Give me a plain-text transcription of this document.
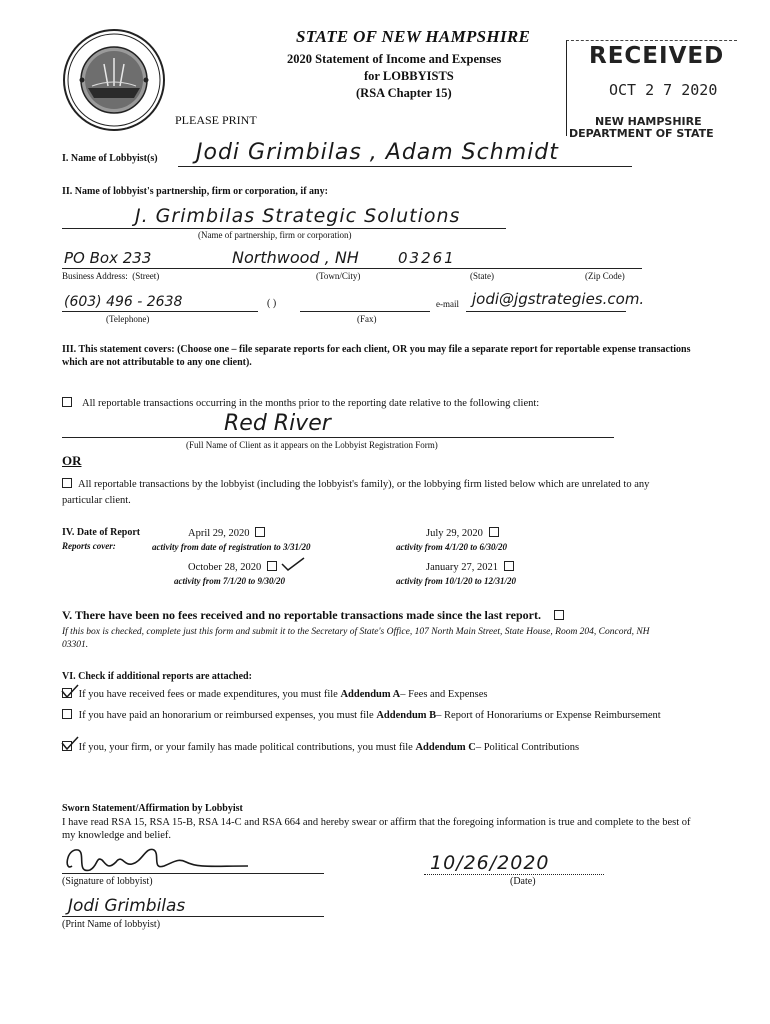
STATE OF NEW HAMPSHIRE
2020 Statement of Income and Expenses
for LOBBYISTS
(RSA Chapter 15)
PLEASE PRINT
RECEIVED
OCT 2 7 2020
NEW HAMPSHIRE
DEPARTMENT OF STATE
I. Name of Lobbyist(s) Jodi Grimbilas , Adam Schmidt
II. Name of lobbyist's partnership, firm or corporation, if any:
J. Grimbilas Strategic Solutions
(Name of partnership, firm or corporation)
PO Box 233	Northwood , NH	03261
Business Address: (Street)	(Town/City)	(State)	(Zip Code)
(603) 496 - 2638
(Telephone)
( )
(Fax)
e-mail jodi@jgstrategies.com.
III. This statement covers: (Choose one – file separate reports for each client, OR you may file a separate report for reportable expense transactions which are not attributable to any one client).
All reportable transactions occurring in the months prior to the reporting date relative to the following client:
Red River
(Full Name of Client as it appears on the Lobbyist Registration Form)
OR
All reportable transactions by the lobbyist (including the lobbyist's family), or the lobbying firm listed below which are unrelated to any particular client.
IV. Date of Report
Reports cover:
April 29, 2020
activity from date of registration to 3/31/20
July 29, 2020
activity from 4/1/20 to 6/30/20
October 28, 2020
activity from 7/1/20 to 9/30/20
January 27, 2021
activity from 10/1/20 to 12/31/20
V. There have been no fees received and no reportable transactions made since the last report.
If this box is checked, complete just this form and submit it to the Secretary of State's Office, 107 North Main Street, State House, Room 204, Concord, NH 03301.
VI. Check if additional reports are attached:
If you have received fees or made expenditures, you must file Addendum A– Fees and Expenses
If you have paid an honorarium or reimbursed expenses, you must file Addendum B– Report of Honorariums or Expense Reimbursement
If you, your firm, or your family has made political contributions, you must file Addendum C– Political Contributions
Sworn Statement/Affirmation by Lobbyist
I have read RSA 15, RSA 15-B, RSA 14-C and RSA 664 and hereby swear or affirm that the foregoing information is true and complete to the best of my knowledge and belief.
(Signature of lobbyist)
10/26/2020
(Date)
Jodi Grimbilas
(Print Name of lobbyist)
